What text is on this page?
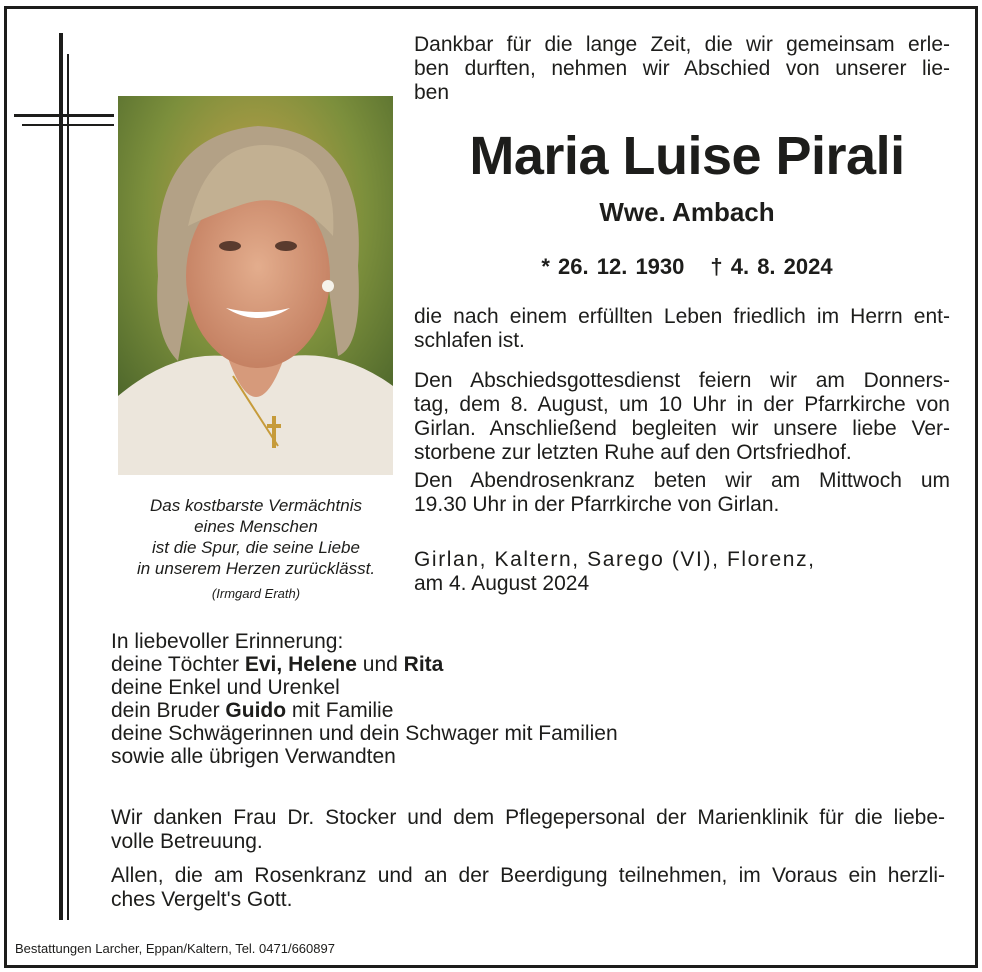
Das kostbarste Vermächtnis
eines Menschen
ist die Spur, die seine Liebe
in unserem Herzen zurücklässt.
(Irmgard Erath)
Dankbar für die lange Zeit, die wir gemeinsam erle-
ben durften, nehmen wir Abschied von unserer lie-
ben
Maria Luise Pirali
Wwe. Ambach
* 26. 12. 1930 † 4. 8. 2024
die nach einem erfüllten Leben friedlich im Herrn ent-
schlafen ist.
Den Abschiedsgottesdienst feiern wir am Donners-
tag, dem 8. August, um 10 Uhr in der Pfarrkirche von
Girlan. Anschließend begleiten wir unsere liebe Ver-
storbene zur letzten Ruhe auf den Ortsfriedhof.
Den Abendrosenkranz beten wir am Mittwoch um
19.30 Uhr in der Pfarrkirche von Girlan.
Girlan, Kaltern, Sarego (VI), Florenz,
am 4. August 2024
In liebevoller Erinnerung:
deine Töchter Evi, Helene und Rita
deine Enkel und Urenkel
dein Bruder Guido mit Familie
deine Schwägerinnen und dein Schwager mit Familien
sowie alle übrigen Verwandten
Wir danken Frau Dr. Stocker und dem Pflegepersonal der Marienklinik für die liebe-
volle Betreuung.
Allen, die am Rosenkranz und an der Beerdigung teilnehmen, im Voraus ein herzli-
ches Vergelt's Gott.
Bestattungen Larcher, Eppan/Kaltern, Tel. 0471/660897
